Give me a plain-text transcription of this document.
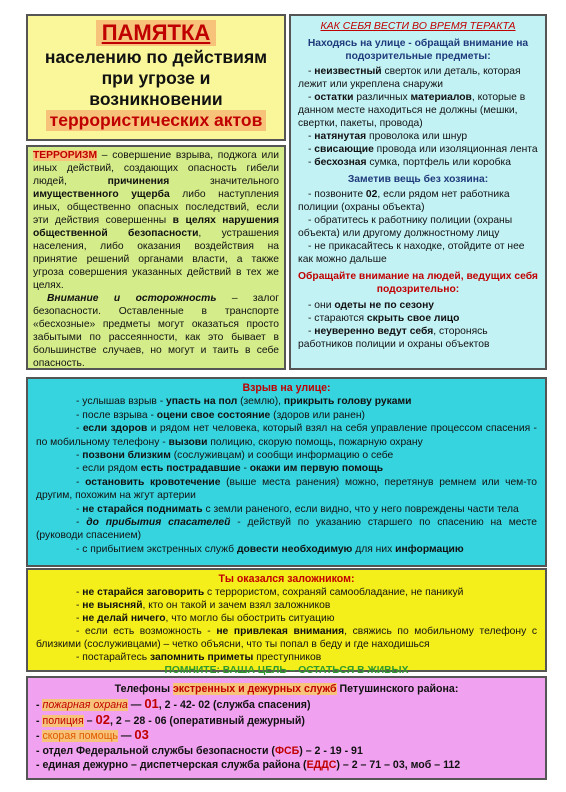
ПАМЯТКА
населению по действиям
при угрозе и
возникновении
террористических актов
ТЕРРОРИЗМ – совершение взрыва, поджога или иных действий, создающих опасность гибели людей, причинения значительного имущественного ущерба либо наступления иных, общественно опасных последствий, если эти действия совершенны в целях нарушения общественной безопасности, устрашения населения, либо оказания воздействия на принятие решений органами власти, а также угроза совершения указанных действий в тех же целях.
Внимание и осторожность – залог безопасности. Оставленные в транспорте «бесхозные» предметы могут оказаться просто забытыми по рассеянности, как это бывает в большинстве случаев, но могут и таить в себе опасность.
КАК СЕБЯ ВЕСТИ ВО ВРЕМЯ ТЕРАКТА
Находясь на улице - обращай внимание на подозрительные предметы:
- неизвестный сверток или деталь, которая лежит или укреплена снаружи
- остатки различных материалов, которые в данном месте находиться не должны (мешки, свертки, пакеты, провода)
- натянутая проволока или шнур
- свисающие провода или изоляционная лента
- бесхозная сумка, портфель или коробка
Заметив вещь без хозяина:
- позвоните 02, если рядом нет работника полиции (охраны объекта)
- обратитесь к работнику полиции (охраны объекта) или другому должностному лицу
- не прикасайтесь к находке, отойдите от нее как можно дальше
Обращайте внимание на людей, ведущих себя подозрительно:
- они одеты не по сезону
- стараются скрыть свое лицо
- неуверенно ведут себя, сторонясь работников полиции и охраны объектов
Взрыв на улице:
- услышав взрыв - упасть на пол (землю), прикрыть голову руками
- после взрыва - оцени свое состояние (здоров или ранен)
- если здоров и рядом нет человека, который взял на себя управление процессом спасения - по мобильному телефону - вызови полицию, скорую помощь, пожарную охрану
- позвони близким (сослуживцам) и сообщи информацию о себе
- если рядом есть пострадавшие - окажи им первую помощь
- остановить кровотечение (выше места ранения) можно, перетянув ремнем или чем-то другим, похожим на жгут артерии
- не старайся поднимать с земли раненого, если видно, что у него повреждены части тела
- до прибытия спасателей - действуй по указанию старшего по спасению на месте (руководи спасением)
- с прибытием экстренных служб довести необходимую для них информацию
Ты оказался заложником:
- не старайся заговорить с террористом, сохраняй самообладание, не паникуй
- не выясняй, кто он такой и зачем взял заложников
- не делай ничего, что могло бы обострить ситуацию
- если есть возможность - не привлекая внимания, свяжись по мобильному телефону с близкими (сослуживцами) – четко объясни, что ты попал в беду и где находишься
- постарайтесь запомнить приметы преступников
ПОМНИТЕ: ВАША ЦЕЛЬ – ОСТАТЬСЯ В ЖИВЫХ
Телефоны экстренных и дежурных служб Петушинского района:
- пожарная охрана — 01, 2 - 42- 02 (служба спасения)
- полиция – 02, 2 – 28 - 06 (оперативный дежурный)
- скорая помощь — 03
- отдел Федеральной службы безопасности (ФСБ) – 2 - 19 - 91
- единая дежурно – диспетчерская служба района (ЕДДС) – 2 – 71 – 03, моб – 112
